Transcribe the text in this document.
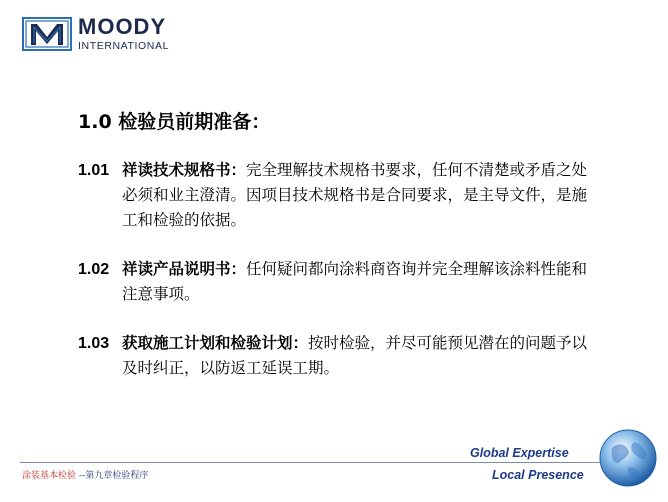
MOODY
INTERNATIONAL
1.0 检验员前期准备：
1.01 祥读技术规格书：完全理解技术规格书要求，任何不清楚或矛盾之处必须和业主澄清。因项目技术规格书是合同要求，是主导文件，是施工和检验的依据。
1.02 祥读产品说明书：任何疑问都向涂料商咨询并完全理解该涂料性能和注意事项。
1.03 获取施工计划和检验计划：按时检验，并尽可能预见潜在的问题予以及时纠正，以防返工延误工期。
Global Expertise
涂装基本检验 --第九章检验程序	Local Presence
